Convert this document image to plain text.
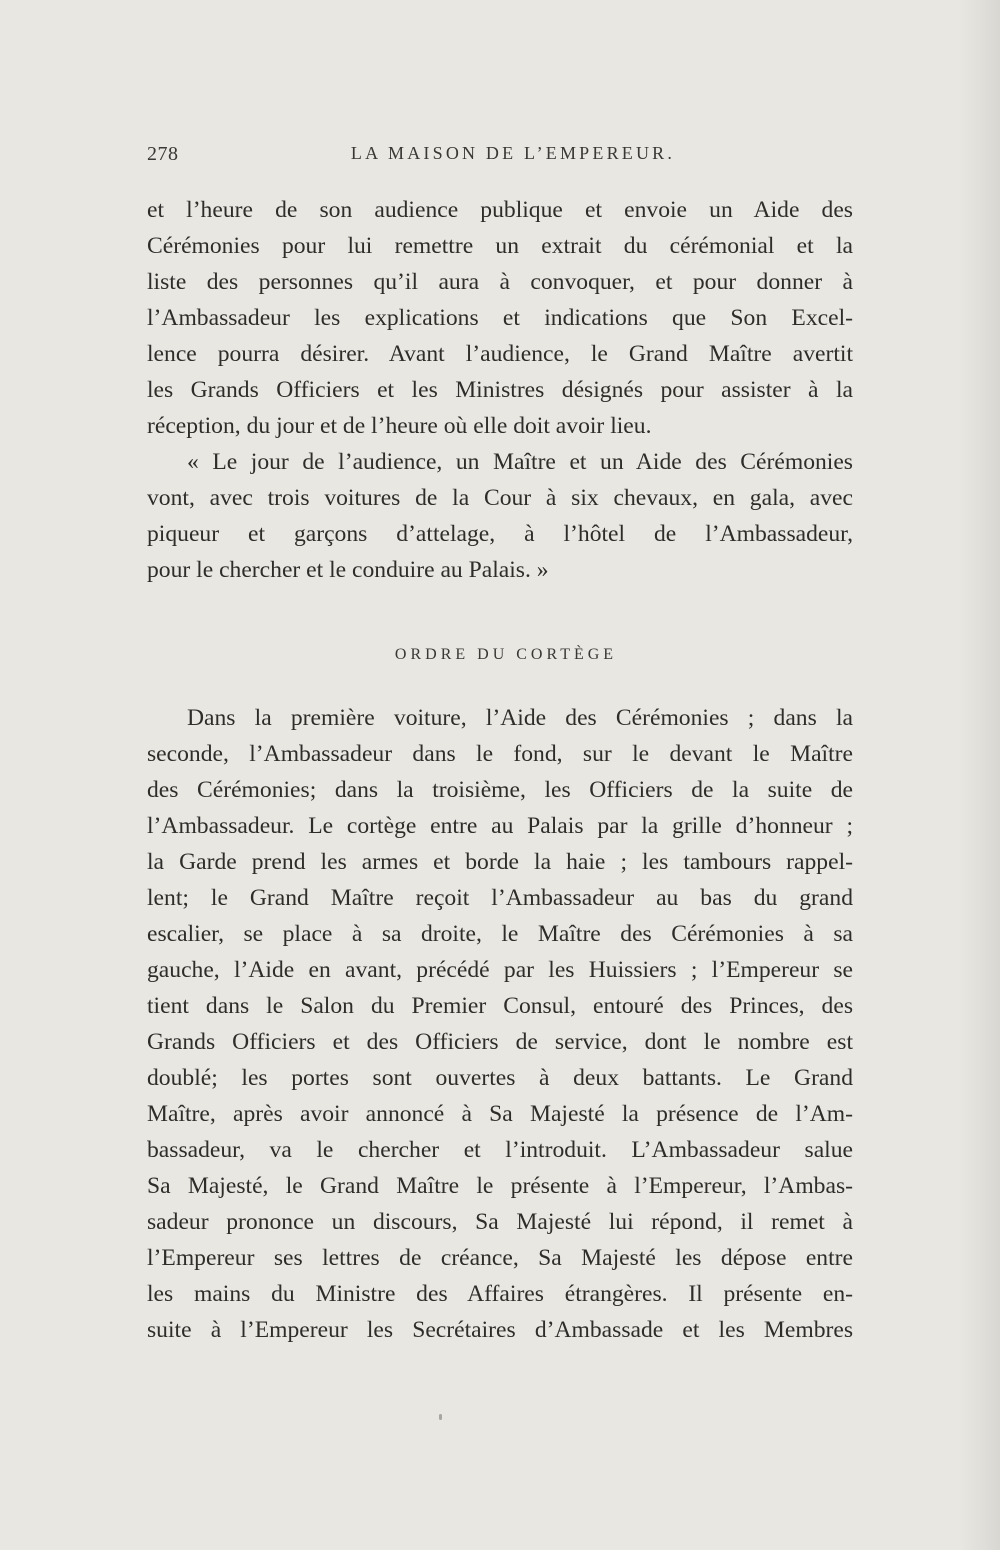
278	LA MAISON DE L’EMPEREUR.
et l’heure de son audience publique et envoie un Aide des
Cérémonies pour lui remettre un extrait du cérémonial et la
liste des personnes qu’il aura à convoquer, et pour donner à
l’Ambassadeur les explications et indications que Son Excel-
lence pourra désirer. Avant l’audience, le Grand Maître avertit
les Grands Officiers et les Ministres désignés pour assister à la
réception, du jour et de l’heure où elle doit avoir lieu.
« Le jour de l’audience, un Maître et un Aide des Cérémonies
vont, avec trois voitures de la Cour à six chevaux, en gala, avec
piqueur et garçons d’attelage, à l’hôtel de l’Ambassadeur,
pour le chercher et le conduire au Palais. »
ORDRE DU CORTÈGE
Dans la première voiture, l’Aide des Cérémonies ; dans la
seconde, l’Ambassadeur dans le fond, sur le devant le Maître
des Cérémonies; dans la troisième, les Officiers de la suite de
l’Ambassadeur. Le cortège entre au Palais par la grille d’honneur ;
la Garde prend les armes et borde la haie ; les tambours rappel-
lent; le Grand Maître reçoit l’Ambassadeur au bas du grand
escalier, se place à sa droite, le Maître des Cérémonies à sa
gauche, l’Aide en avant, précédé par les Huissiers ; l’Empereur se
tient dans le Salon du Premier Consul, entouré des Princes, des
Grands Officiers et des Officiers de service, dont le nombre est
doublé; les portes sont ouvertes à deux battants. Le Grand
Maître, après avoir annoncé à Sa Majesté la présence de l’Am-
bassadeur, va le chercher et l’introduit. L’Ambassadeur salue
Sa Majesté, le Grand Maître le présente à l’Empereur, l’Ambas-
sadeur prononce un discours, Sa Majesté lui répond, il remet à
l’Empereur ses lettres de créance, Sa Majesté les dépose entre
les mains du Ministre des Affaires étrangères. Il présente en-
suite à l’Empereur les Secrétaires d’Ambassade et les Membres
